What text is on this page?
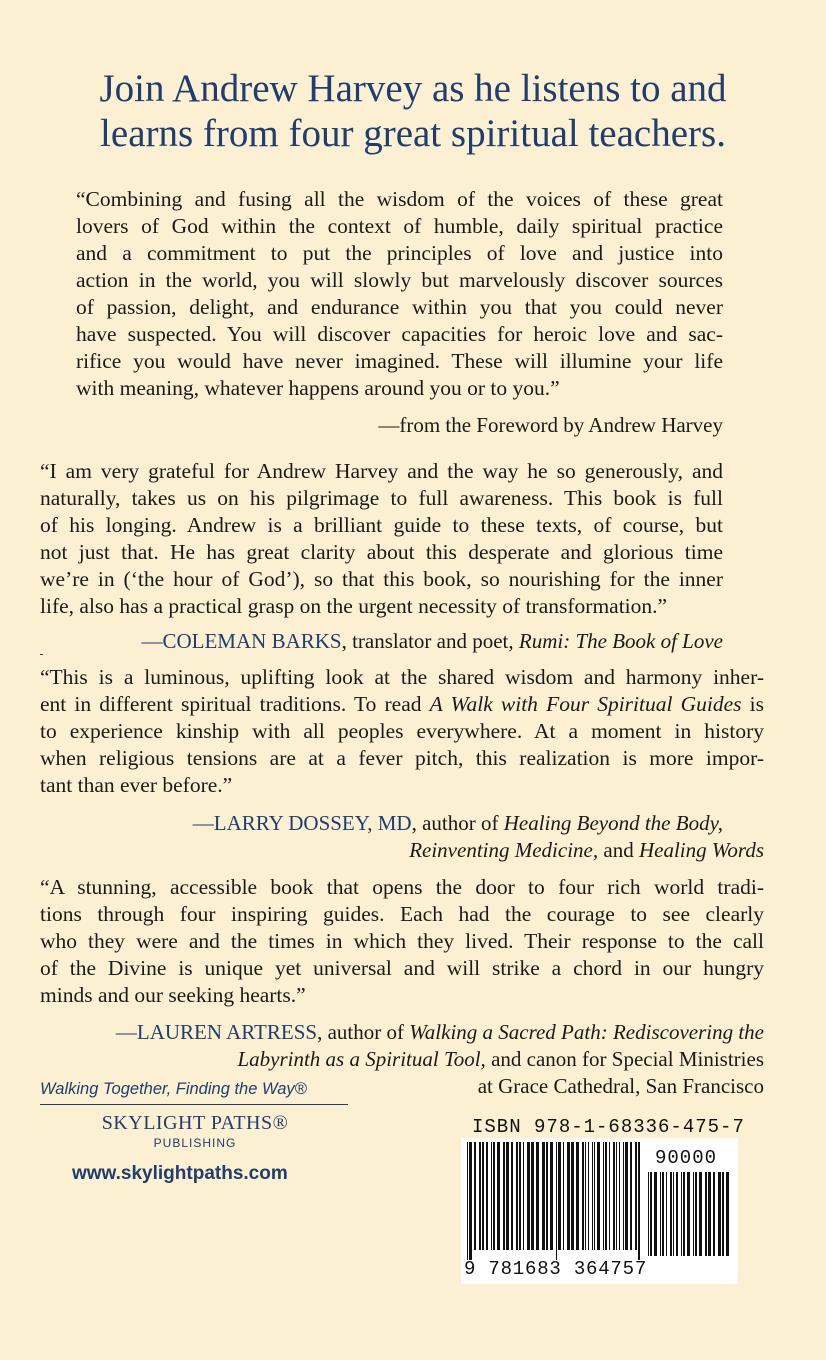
Join Andrew Harvey as he listens to and
learns from four great spiritual teachers.
“Combining and fusing all the wisdom of the voices of these great
lovers of God within the context of humble, daily spiritual practice
and a commitment to put the principles of love and justice into
action in the world, you will slowly but marvelously discover sources
of passion, delight, and endurance within you that you could never
have suspected. You will discover capacities for heroic love and sac-
rifice you would have never imagined. These will illumine your life
with meaning, whatever happens around you or to you.”
—from the Foreword by Andrew Harvey
“I am very grateful for Andrew Harvey and the way he so generously, and
naturally, takes us on his pilgrimage to full awareness. This book is full
of his longing. Andrew is a brilliant guide to these texts, of course, but
not just that. He has great clarity about this desperate and glorious time
we’re in (‘the hour of God’), so that this book, so nourishing for the inner
life, also has a practical grasp on the urgent necessity of transformation.”
—COLEMAN BARKS, translator and poet, Rumi: The Book of Love
“This is a luminous, uplifting look at the shared wisdom and harmony inher-
ent in different spiritual traditions. To read A Walk with Four Spiritual Guides is
to experience kinship with all peoples everywhere. At a moment in history
when religious tensions are at a fever pitch, this realization is more impor-
tant than ever before.”
—LARRY DOSSEY, MD, author of Healing Beyond the Body,
Reinventing Medicine, and Healing Words
“A stunning, accessible book that opens the door to four rich world tradi-
tions through four inspiring guides. Each had the courage to see clearly
who they were and the times in which they lived. Their response to the call
of the Divine is unique yet universal and will strike a chord in our hungry
minds and our seeking hearts.”
—LAUREN ARTRESS, author of Walking a Sacred Path: Rediscovering the
Labyrinth as a Spiritual Tool, and canon for Special Ministries
at Grace Cathedral, San Francisco
Walking Together, Finding the Way®
SKYLIGHT PATHS®
PUBLISHING
www.skylightpaths.com
ISBN 978-1-68336-475-7
90000
9 781683 364757
